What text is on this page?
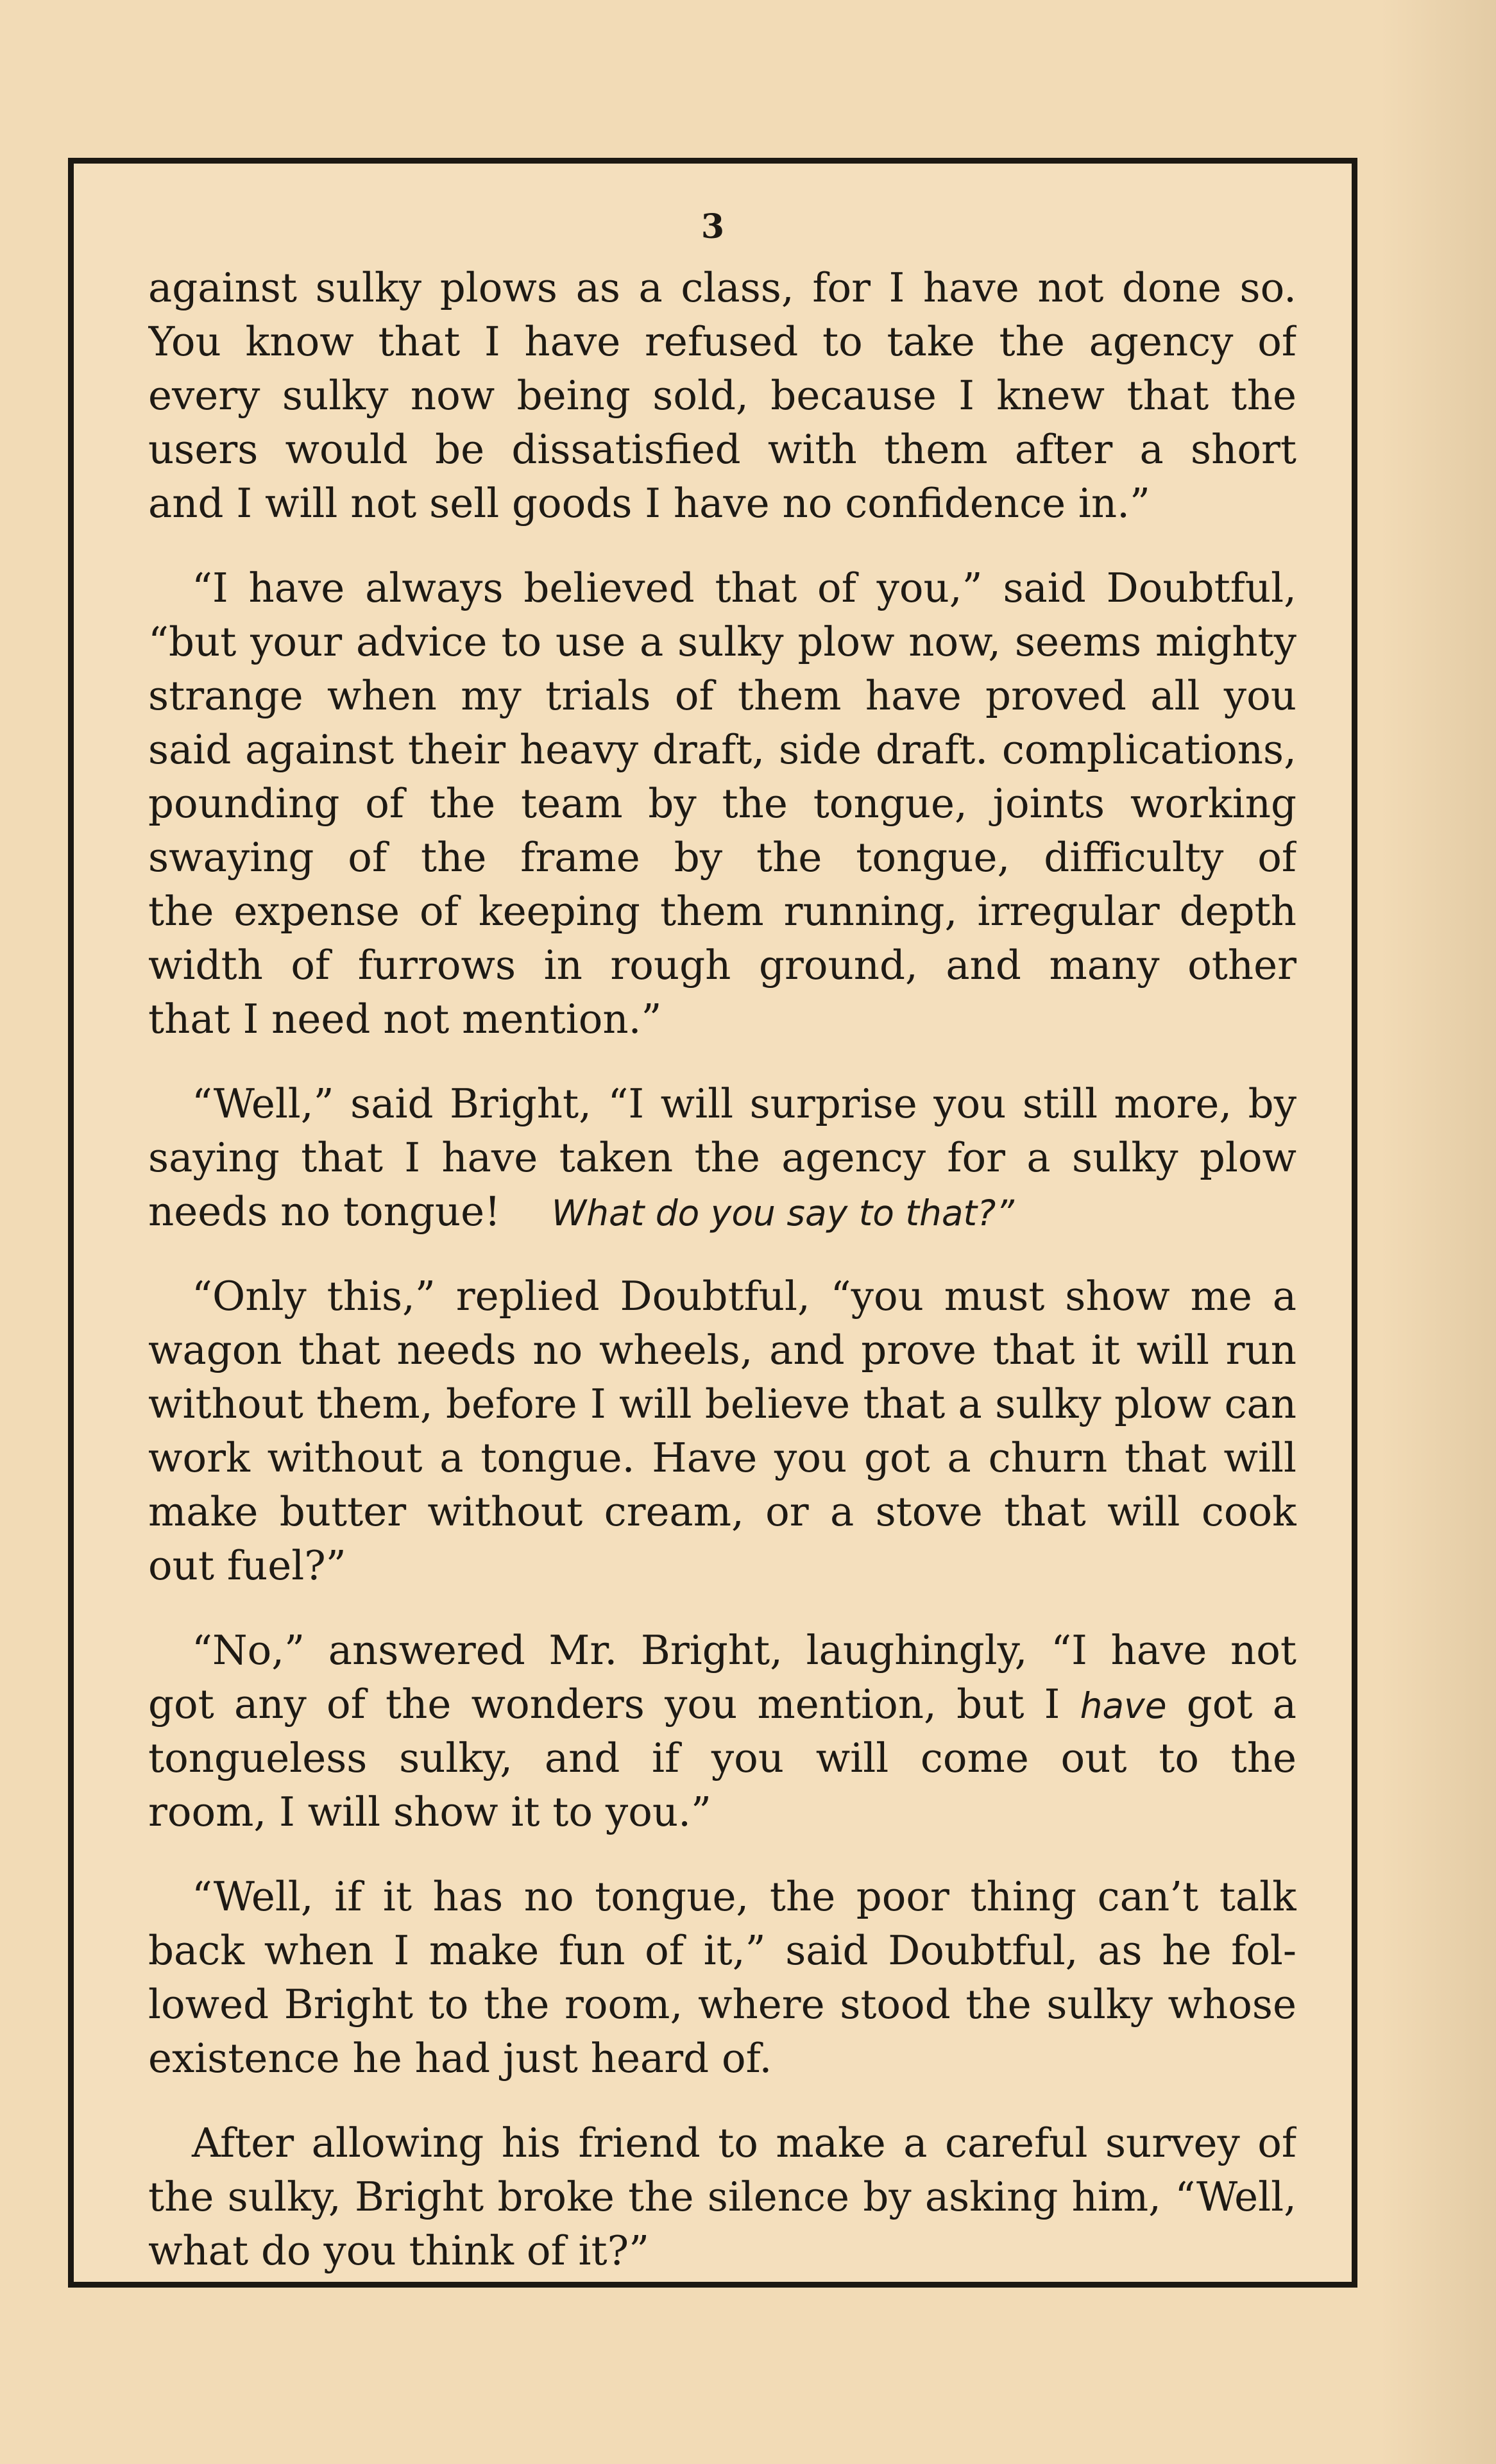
3
against sulky plows as a class, for I have not done so.
You know that I have refused to take the agency of
every sulky now being sold, because I knew that the
users would be dissatisfied with them after a short
and I will not sell goods I have no confidence in.”
“I have always believed that of you,” said Doubtful,
“but your advice to use a sulky plow now, seems mighty
strange when my trials of them have proved all you
said against their heavy draft, side draft. complications,
pounding of the team by the tongue, joints working
swaying of the frame by the tongue, difficulty of
the expense of keeping them running, irregular depth
width of furrows in rough ground, and many other
that I need not mention.”
“Well,” said Bright, “I will surprise you still more, by
saying that I have taken the agency for a sulky plow
needs no tongue! What do you say to that?”
“Only this,” replied Doubtful, “you must show me a
wagon that needs no wheels, and prove that it will run
without them, before I will believe that a sulky plow can
work without a tongue. Have you got a churn that will
make butter without cream, or a stove that will cook
out fuel?”
“No,” answered Mr. Bright, laughingly, “I have not
got any of the wonders you mention, but I have got a
tongueless sulky, and if you will come out to the
room, I will show it to you.”
“Well, if it has no tongue, the poor thing can’t talk
back when I make fun of it,” said Doubtful, as he fol-
lowed Bright to the room, where stood the sulky whose
existence he had just heard of.
After allowing his friend to make a careful survey of
the sulky, Bright broke the silence by asking him, “Well,
what do you think of it?”
